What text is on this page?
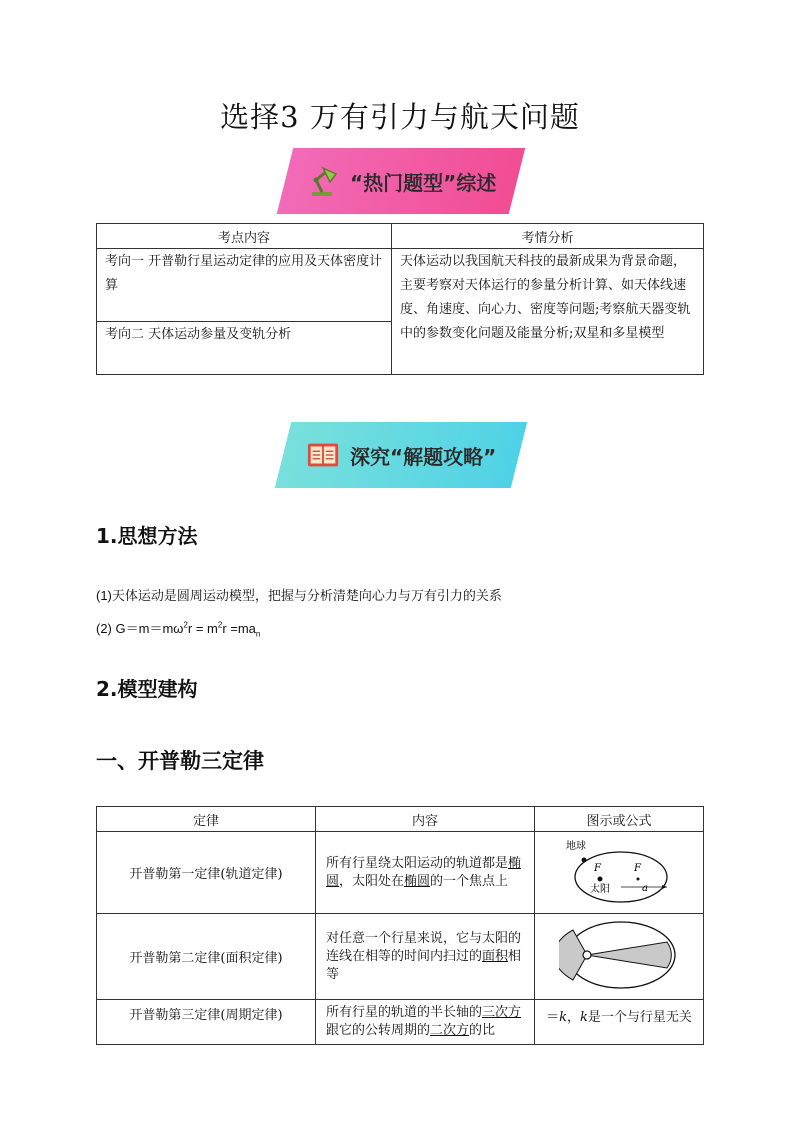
选择3 万有引力与航天问题
“热门题型”综述
考点内容	考情分析
考向一 开普勒行星运动定律的应用及天体密度计算	天体运动以我国航天科技的最新成果为背景命题，主要考察对天体运行的参量分析计算、如天体线速度、角速度、向心力、密度等问题;考察航天器变轨中的参数变化问题及能量分析;双星和多星模型
考向二 天体运动参量及变轨分析	
深究“解题攻略”
1.思想方法
(1)天体运动是圆周运动模型，把握与分析清楚向心力与万有引力的关系
(2) $G=m=m\omega^2r = m^2r =ma_n$
2.模型建构
一、开普勒三定律
定律	内容	图示或公式
开普勒第一定律(轨道定律)	所有行星绕太阳运动的轨道都是椭圆，太阳处在椭圆的一个焦点上	地球
F
太阳
F
a

开普勒第二定律(面积定律)	对任意一个行星来说，它与太阳的连线在相等的时间内扫过的面积相等	
开普勒第三定律(周期定律)	所有行星的轨道的半长轴的三次方跟它的公转周期的二次方的比	＝k，k是一个与行星无关
